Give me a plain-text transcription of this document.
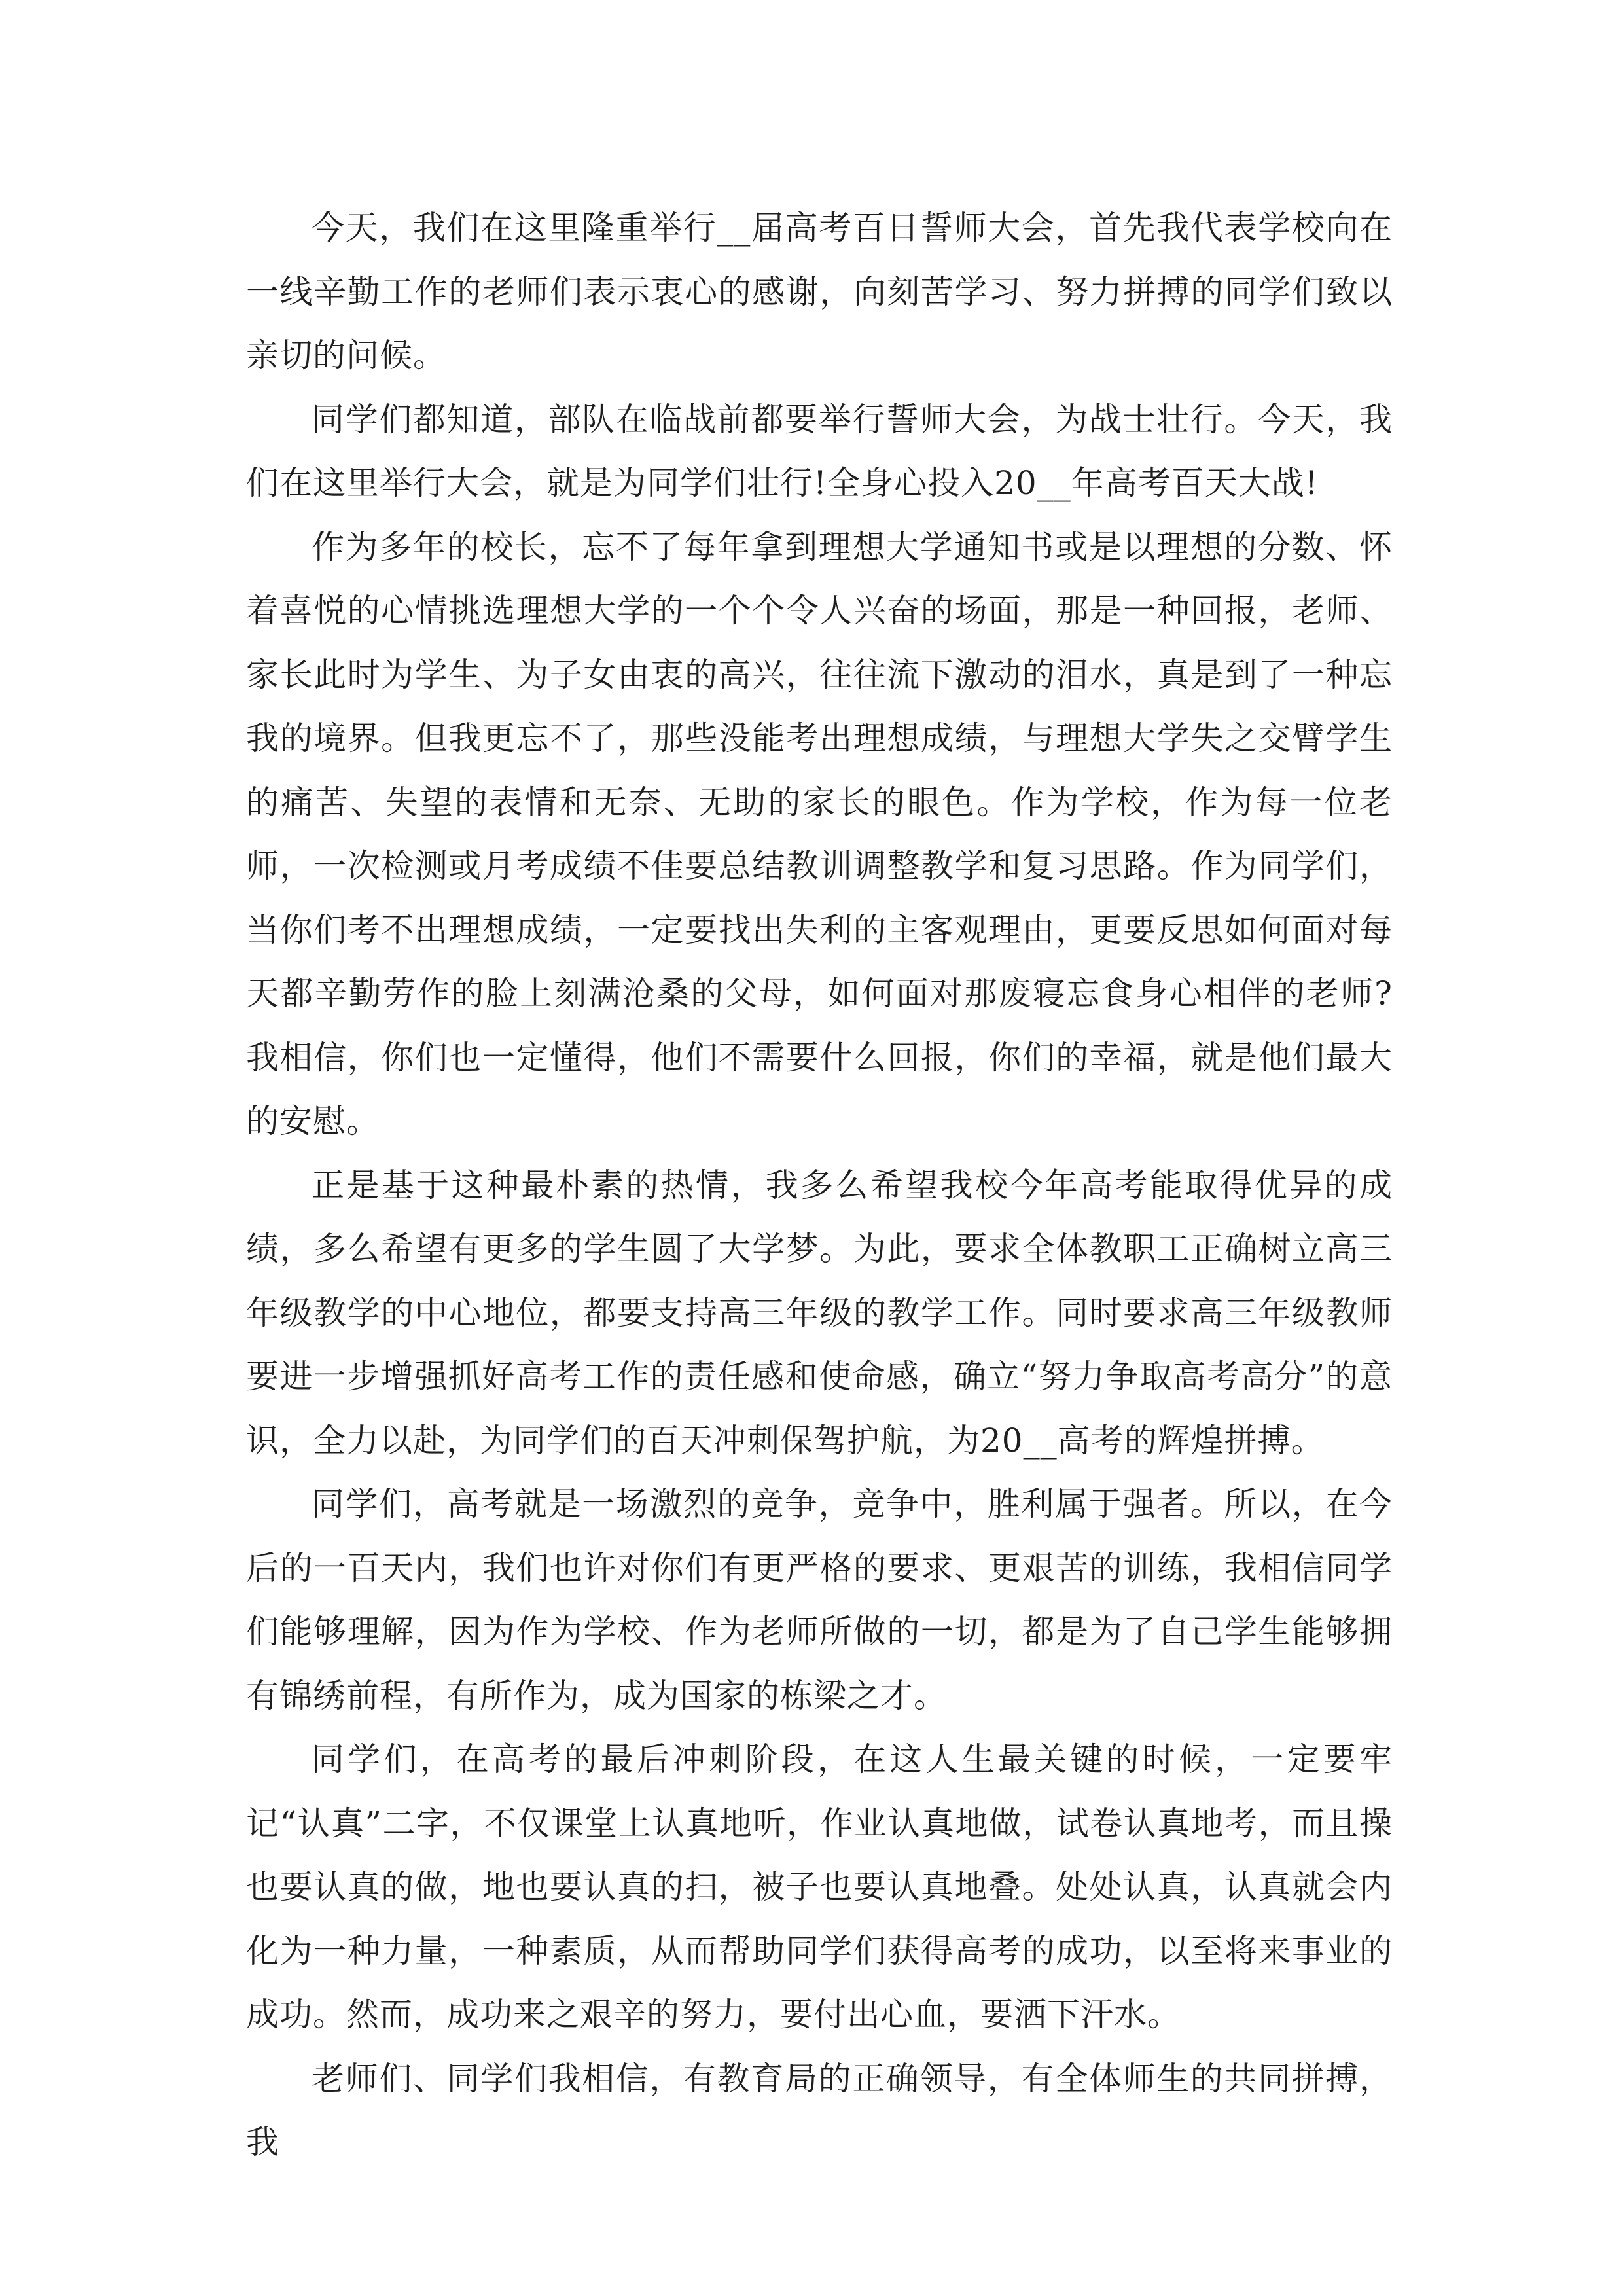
今天，我们在这里隆重举行__届高考百日誓师大会，首先我代表学校向在一线辛勤工作的老师们表示衷心的感谢，向刻苦学习、努力拼搏的同学们致以亲切的问候。

同学们都知道，部队在临战前都要举行誓师大会，为战士壮行。今天，我们在这里举行大会，就是为同学们壮行!全身心投入20__年高考百天大战!

作为多年的校长，忘不了每年拿到理想大学通知书或是以理想的分数、怀着喜悦的心情挑选理想大学的一个个令人兴奋的场面，那是一种回报，老师、家长此时为学生、为子女由衷的高兴，往往流下激动的泪水，真是到了一种忘我的境界。但我更忘不了，那些没能考出理想成绩，与理想大学失之交臂学生的痛苦、失望的表情和无奈、无助的家长的眼色。作为学校，作为每一位老师，一次检测或月考成绩不佳要总结教训调整教学和复习思路。作为同学们，当你们考不出理想成绩，一定要找出失利的主客观理由，更要反思如何面对每天都辛勤劳作的脸上刻满沧桑的父母，如何面对那废寝忘食身心相伴的老师?我相信，你们也一定懂得，他们不需要什么回报，你们的幸福，就是他们最大的安慰。

正是基于这种最朴素的热情，我多么希望我校今年高考能取得优异的成绩，多么希望有更多的学生圆了大学梦。为此，要求全体教职工正确树立高三年级教学的中心地位，都要支持高三年级的教学工作。同时要求高三年级教师要进一步增强抓好高考工作的责任感和使命感，确立“努力争取高考高分”的意识，全力以赴，为同学们的百天冲刺保驾护航，为20__高考的辉煌拼搏。

同学们，高考就是一场激烈的竞争，竞争中，胜利属于强者。所以，在今后的一百天内，我们也许对你们有更严格的要求、更艰苦的训练，我相信同学们能够理解，因为作为学校、作为老师所做的一切，都是为了自己学生能够拥有锦绣前程，有所作为，成为国家的栋梁之才。

同学们，在高考的最后冲刺阶段，在这人生最关键的时候，一定要牢记“认真”二字，不仅课堂上认真地听，作业认真地做，试卷认真地考，而且操也要认真的做，地也要认真的扫，被子也要认真地叠。处处认真，认真就会内化为一种力量，一种素质，从而帮助同学们获得高考的成功，以至将来事业的成功。然而，成功来之艰辛的努力，要付出心血，要洒下汗水。

老师们、同学们我相信，有教育局的正确领导，有全体师生的共同拼搏，我
